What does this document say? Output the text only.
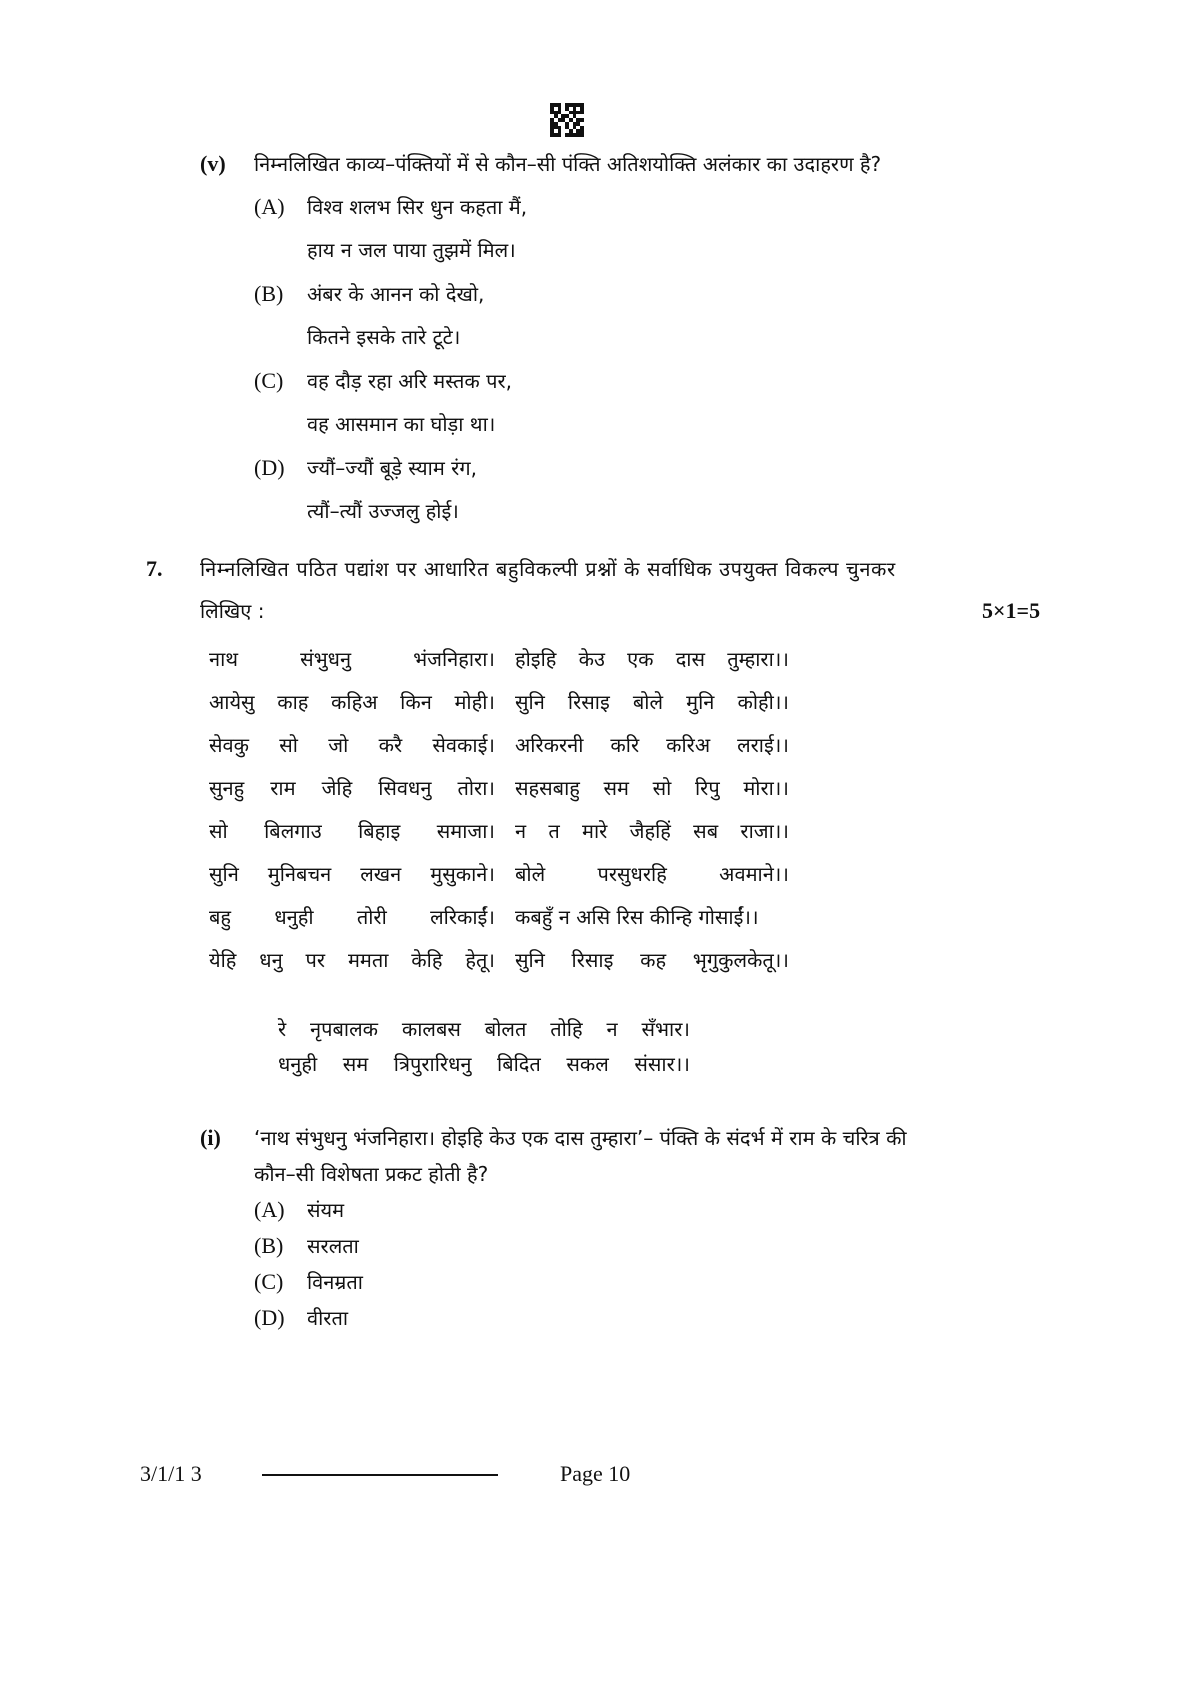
(v) निम्नलिखित काव्य–पंक्तियों में से कौन–सी पंक्ति अतिशयोक्ति अलंकार का उदाहरण है?
(A) विश्व शलभ सिर धुन कहता मैं,
हाय न जल पाया तुझमें मिल।
(B) अंबर के आनन को देखो,
कितने इसके तारे टूटे।
(C) वह दौड़ रहा अरि मस्तक पर,
वह आसमान का घोड़ा था।
(D) ज्यौं–ज्यौं बूड़े स्याम रंग,
त्यौं–त्यौं उज्जलु होई।
7. निम्नलिखित पठित पद्यांश पर आधारित बहुविकल्पी प्रश्नों के सर्वाधिक उपयुक्त विकल्प चुनकर
लिखिए :	5×1=5
नाथ	संभुधनु	भंजनिहारा। होइहि केउ एक दास तुम्हारा।।
आयेसु काह कहिअ किन मोही। सुनि रिसाइ बोले मुनि कोही।।
सेवकु सो जो करै सेवकाई। अरिकरनी करि करिअ लराई।।
सुनहु राम जेहि सिवधनु तोरा। सहसबाहु सम सो रिपु मोरा।।
सो बिलगाउ बिहाइ समाजा। न त मारे जैहहिं सब राजा।।
सुनि मुनिबचन लखन मुसुकाने। बोले	परसुधरहि	अवमाने।।
बहु धनुही तोरी लरिकाईं। कबहुँ न असि रिस कीन्हि गोसाईं।।
येहि धनु पर ममता केहि हेतू। सुनि रिसाइ कह भृगुकुलकेतू।।
रे नृपबालक कालबस बोलत तोहि न सँभार।
धनुही सम त्रिपुरारिधनु बिदित सकल संसार।।
(i) ‘नाथ संभुधनु भंजनिहारा। होइहि केउ एक दास तुम्हारा’– पंक्ति के संदर्भ में राम के चरित्र की
कौन–सी विशेषता प्रकट होती है?
(A) संयम
(B) सरलता
(C) विनम्रता
(D) वीरता
3/1/1 3	Page 10
